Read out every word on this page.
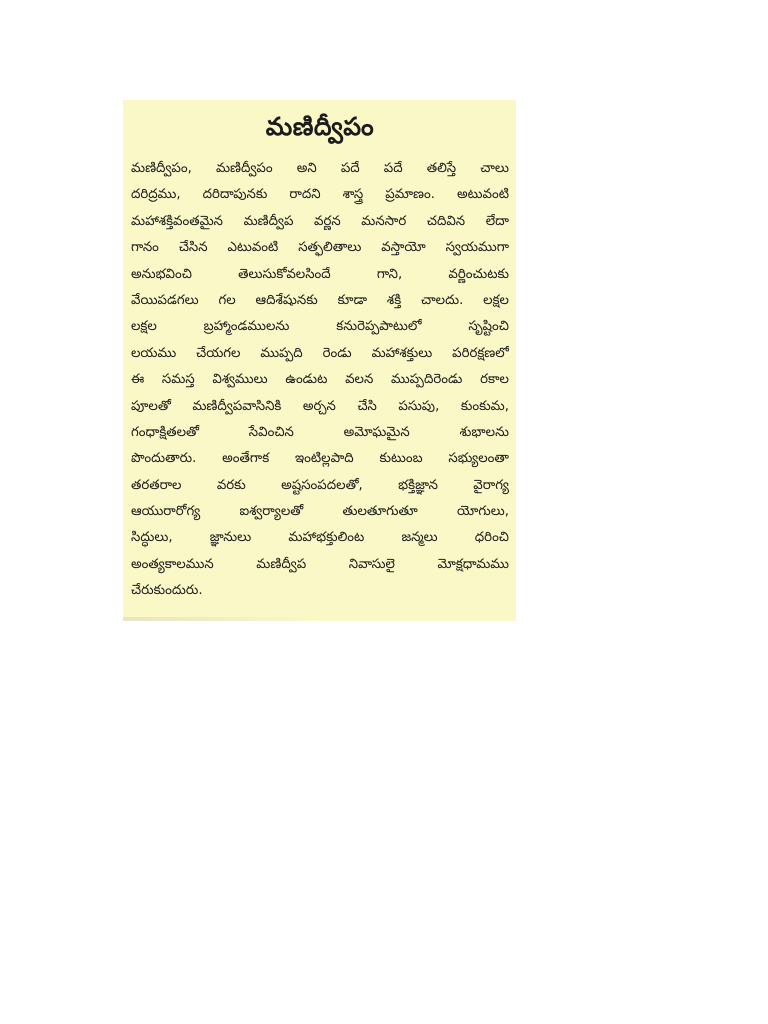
మణిద్వీపం
మణిద్వీపం, మణిద్వీపం అని పదే పదే తలిస్తే చాలు
దరిద్రము, దరిదాపునకు రాదని శాస్త్ర ప్రమాణం. అటువంటి
మహాశక్తివంతమైన మణిద్వీప వర్ణన మనసార చదివిన లేదా
గానం చేసిన ఎటువంటి సత్ఫలితాలు వస్తాయో స్వయముగా
అనుభవించి	తెలుసుకోవలసిందే	గాని,	వర్ణించుటకు
వేయిపడగలు గల ఆదిశేషునకు కూడా శక్తి చాలదు. లక్షల
లక్షల	బ్రహ్మాండములను	కనురెప్పపాటులో	సృష్టించి
లయము చేయగల ముప్పది రెండు మహాశక్తులు పరిరక్షణలో
ఈ సమస్త విశ్వములు ఉండుట వలన ముప్పదిరెండు రకాల
పూలతో మణిద్వీపవాసినికి అర్చన చేసి పసుపు, కుంకుమ,
గంధాక్షితలతో	సేవించిన	అమోఘమైన	శుభాలను
పొందుతారు. అంతేగాక ఇంటిల్లపాది కుటుంబ సభ్యులంతా
తరతరాల	వరకు	అష్టసంపదలతో,	భక్తిజ్ఞాన	వైరాగ్య
ఆయురారోగ్య	ఐశ్వర్యాలతో	తులతూగుతూ	యోగులు,
సిద్ధులు,	జ్ఞానులు	మహాభక్తులింట	జన్మలు	ధరించి
అంత్యకాలమున	మణిద్వీప	నివాసులై	మోక్షధామము
చేరుకుందురు.
